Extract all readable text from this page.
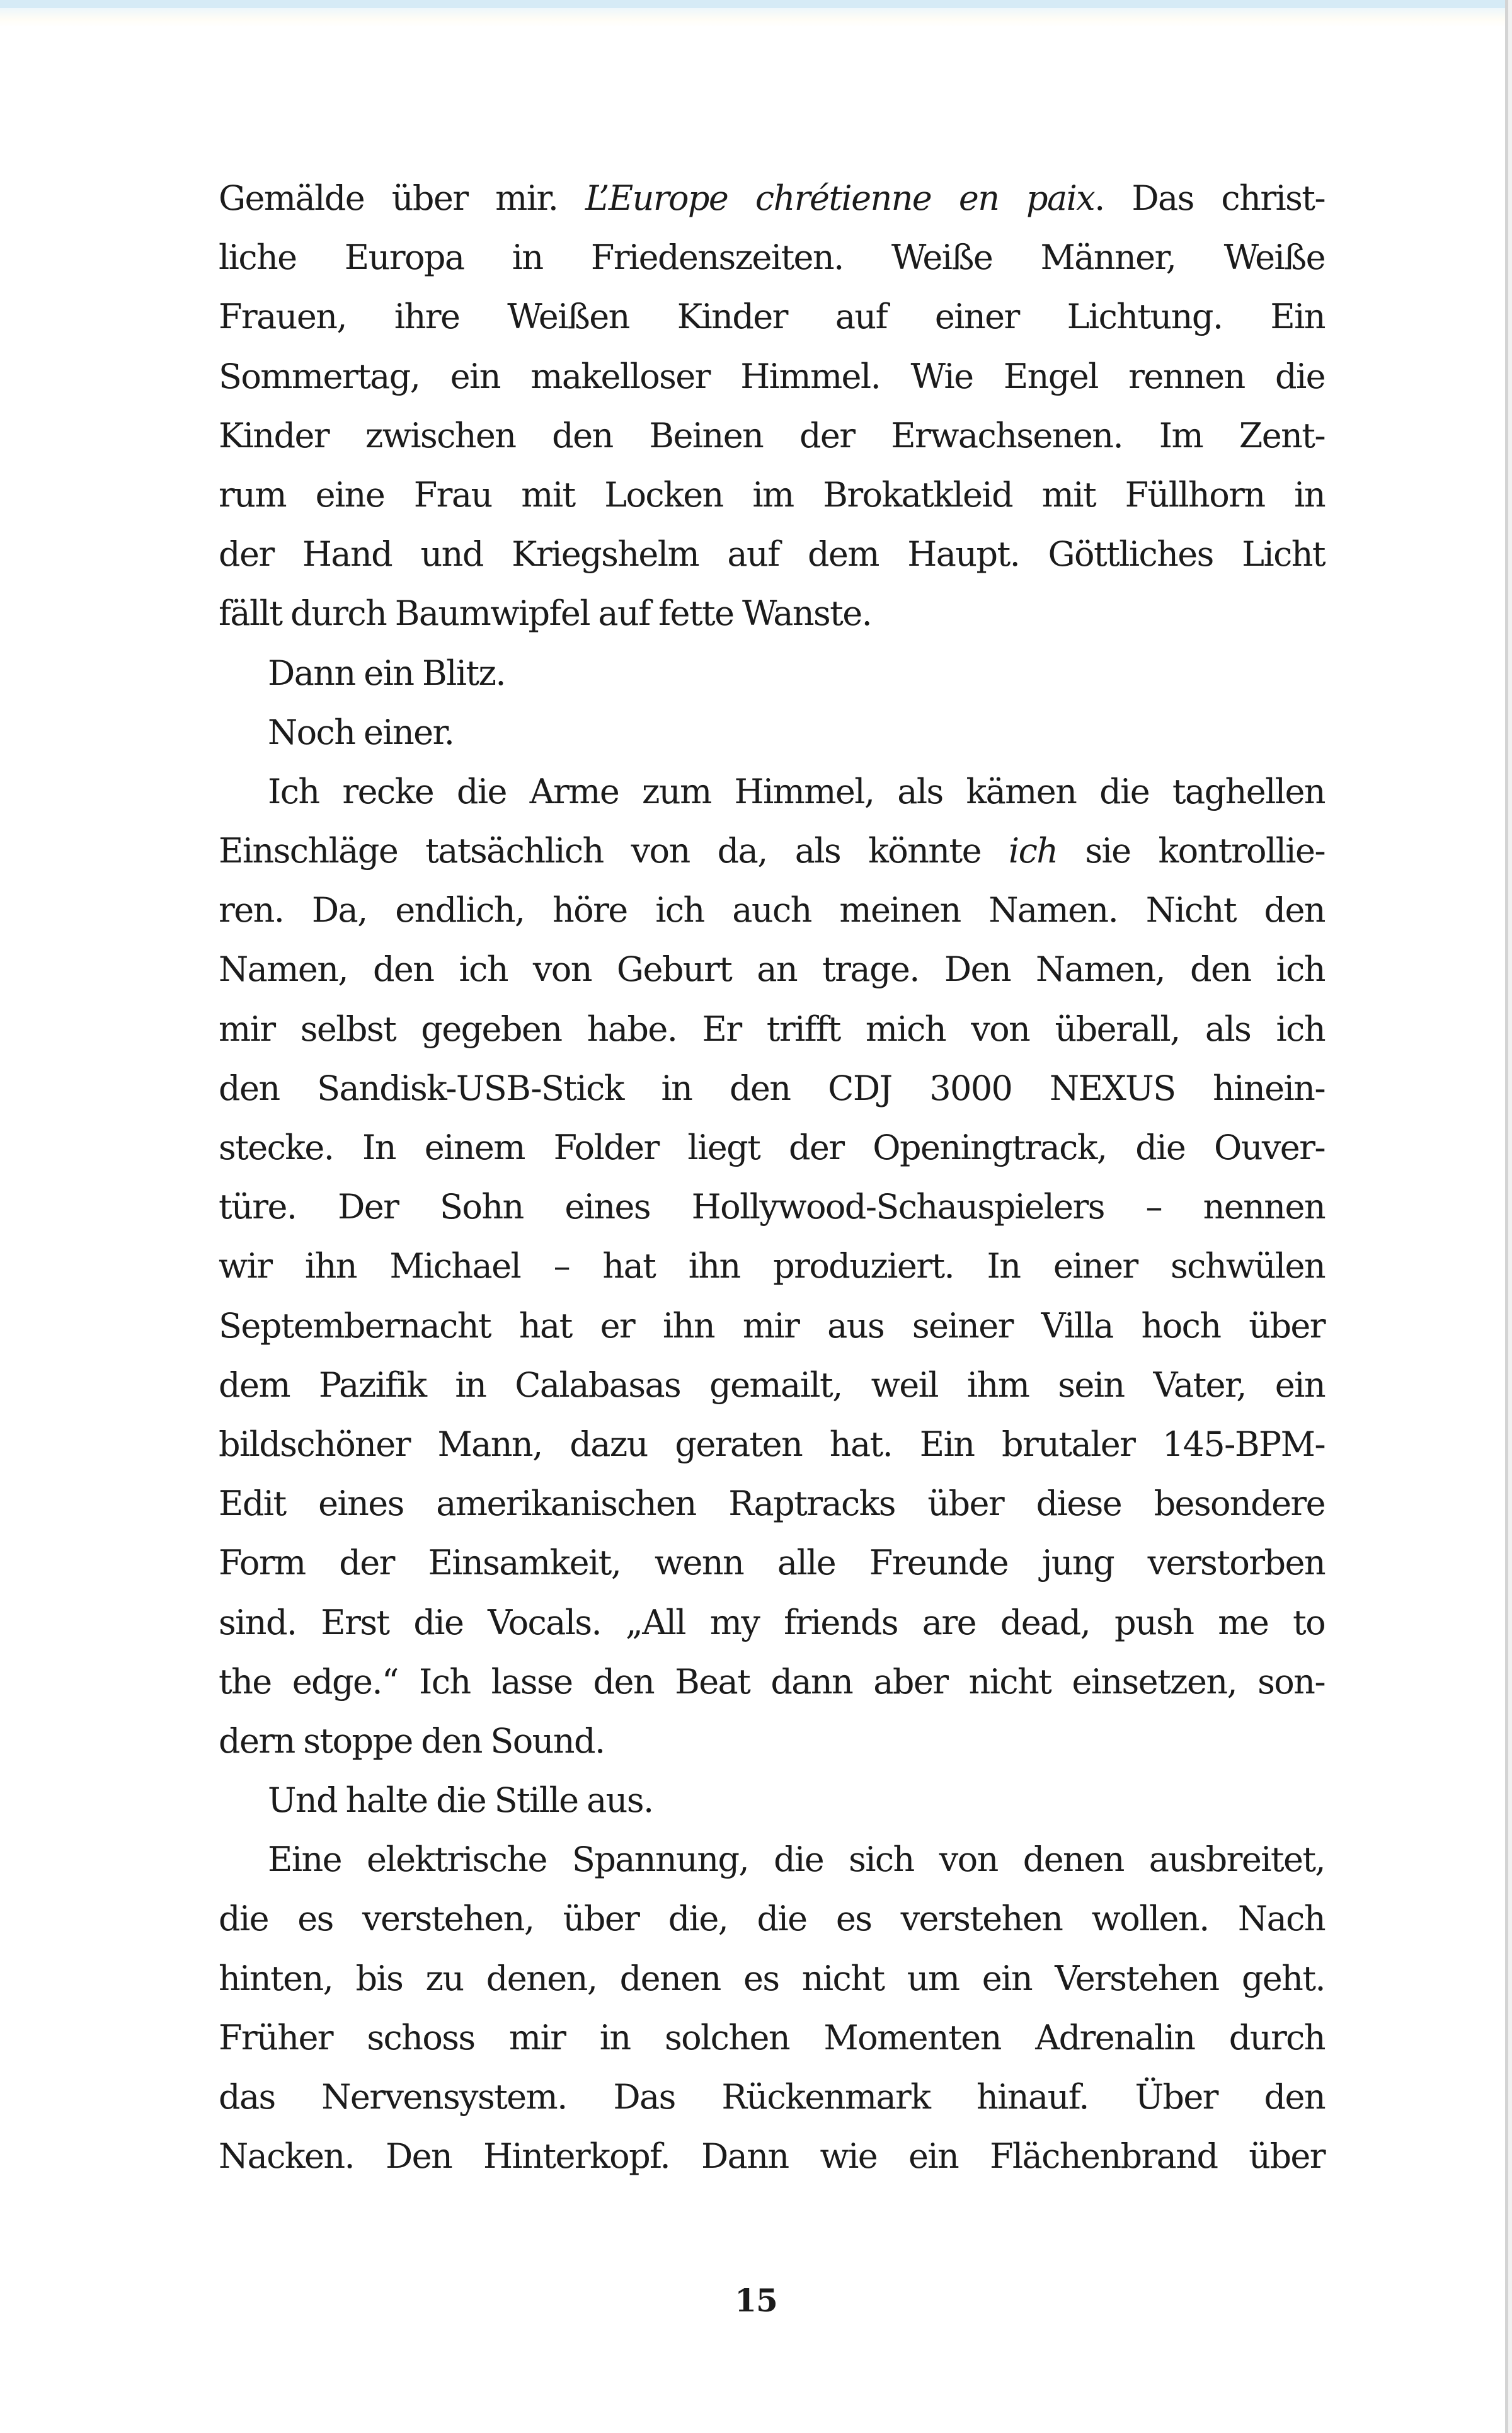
Gemälde über mir. L’Europe chrétienne en paix. Das christ-
liche Europa in Friedenszeiten. Weiße Männer, Weiße
Frauen, ihre Weißen Kinder auf einer Lichtung. Ein
Sommertag, ein makelloser Himmel. Wie Engel rennen die
Kinder zwischen den Beinen der Erwachsenen. Im Zent-
rum eine Frau mit Locken im Brokatkleid mit Füllhorn in
der Hand und Kriegshelm auf dem Haupt. Göttliches Licht
fällt durch Baumwipfel auf fette Wanste.
Dann ein Blitz.
Noch einer.
Ich recke die Arme zum Himmel, als kämen die taghellen
Einschläge tatsächlich von da, als könnte ich sie kontrollie-
ren. Da, endlich, höre ich auch meinen Namen. Nicht den
Namen, den ich von Geburt an trage. Den Namen, den ich
mir selbst gegeben habe. Er trifft mich von überall, als ich
den Sandisk-USB-Stick in den CDJ 3000 NEXUS hinein-
stecke. In einem Folder liegt der Openingtrack, die Ouver-
türe. Der Sohn eines Hollywood-Schauspielers – nennen
wir ihn Michael – hat ihn produziert. In einer schwülen
Septembernacht hat er ihn mir aus seiner Villa hoch über
dem Pazifik in Calabasas gemailt, weil ihm sein Vater, ein
bildschöner Mann, dazu geraten hat. Ein brutaler 145-BPM-
Edit eines amerikanischen Raptracks über diese besondere
Form der Einsamkeit, wenn alle Freunde jung verstorben
sind. Erst die Vocals. „All my friends are dead, push me to
the edge.“ Ich lasse den Beat dann aber nicht einsetzen, son-
dern stoppe den Sound.
Und halte die Stille aus.
Eine elektrische Spannung, die sich von denen ausbreitet,
die es verstehen, über die, die es verstehen wollen. Nach
hinten, bis zu denen, denen es nicht um ein Verstehen geht.
Früher schoss mir in solchen Momenten Adrenalin durch
das Nervensystem. Das Rückenmark hinauf. Über den
Nacken. Den Hinterkopf. Dann wie ein Flächenbrand über
15
